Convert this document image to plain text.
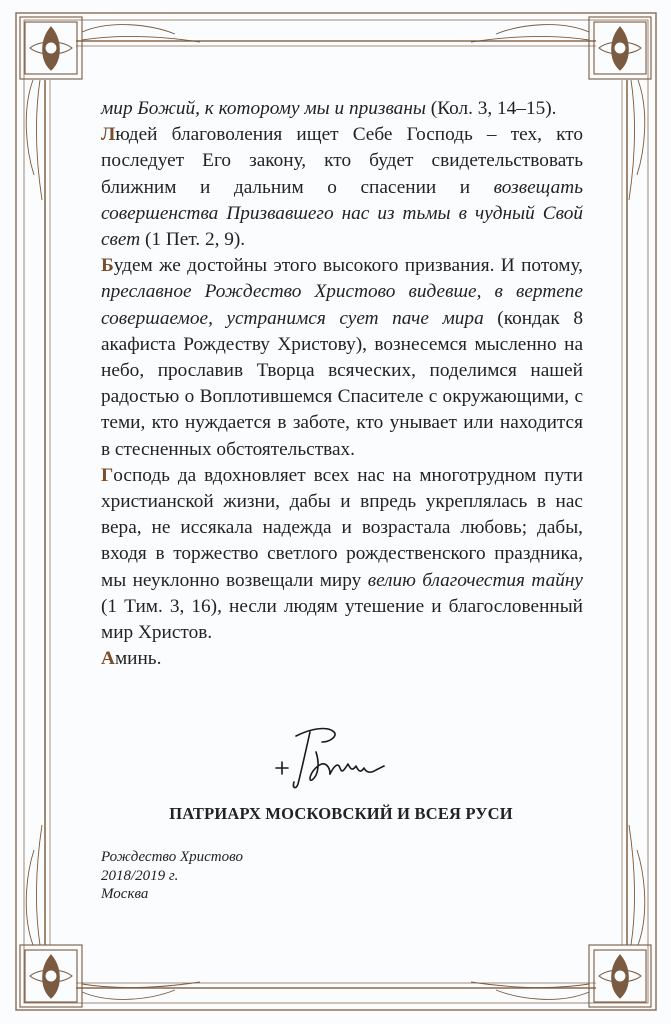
мир Божий, к которому мы и призваны (Кол. 3, 14–15).

Людей благоволения ищет Себе Господь – тех, кто последует Его закону, кто будет свидетельствовать ближним и дальним о спасении и возвещать совершенства Призвавшего нас из тьмы в чудный Свой свет (1 Пет. 2, 9).

Будем же достойны этого высокого призвания. И потому, преславное Рождество Христово видевше, в вертепе совершаемое, устранимся сует паче мира (кондак 8 акафиста Рождеству Христову), вознесемся мысленно на небо, прославив Творца всяческих, поделимся нашей радостью о Воплотившемся Спасителе с окружающими, с теми, кто нуждается в заботе, кто унывает или находится в стесненных обстоятельствах.

Господь да вдохновляет всех нас на многотрудном пути христианской жизни, дабы и впредь укреплялась в нас вера, не иссякала надежда и возрастала любовь; дабы, входя в торжество светлого рождественского праздника, мы неуклонно возвещали миру велию благочестия тайну (1 Тим. 3, 16), несли людям утешение и благословенный мир Христов.

Аминь.

ПАТРИАРХ МОСКОВСКИЙ И ВСЕЯ РУСИ
Рождество Христово
2018/2019 г.
Москва
